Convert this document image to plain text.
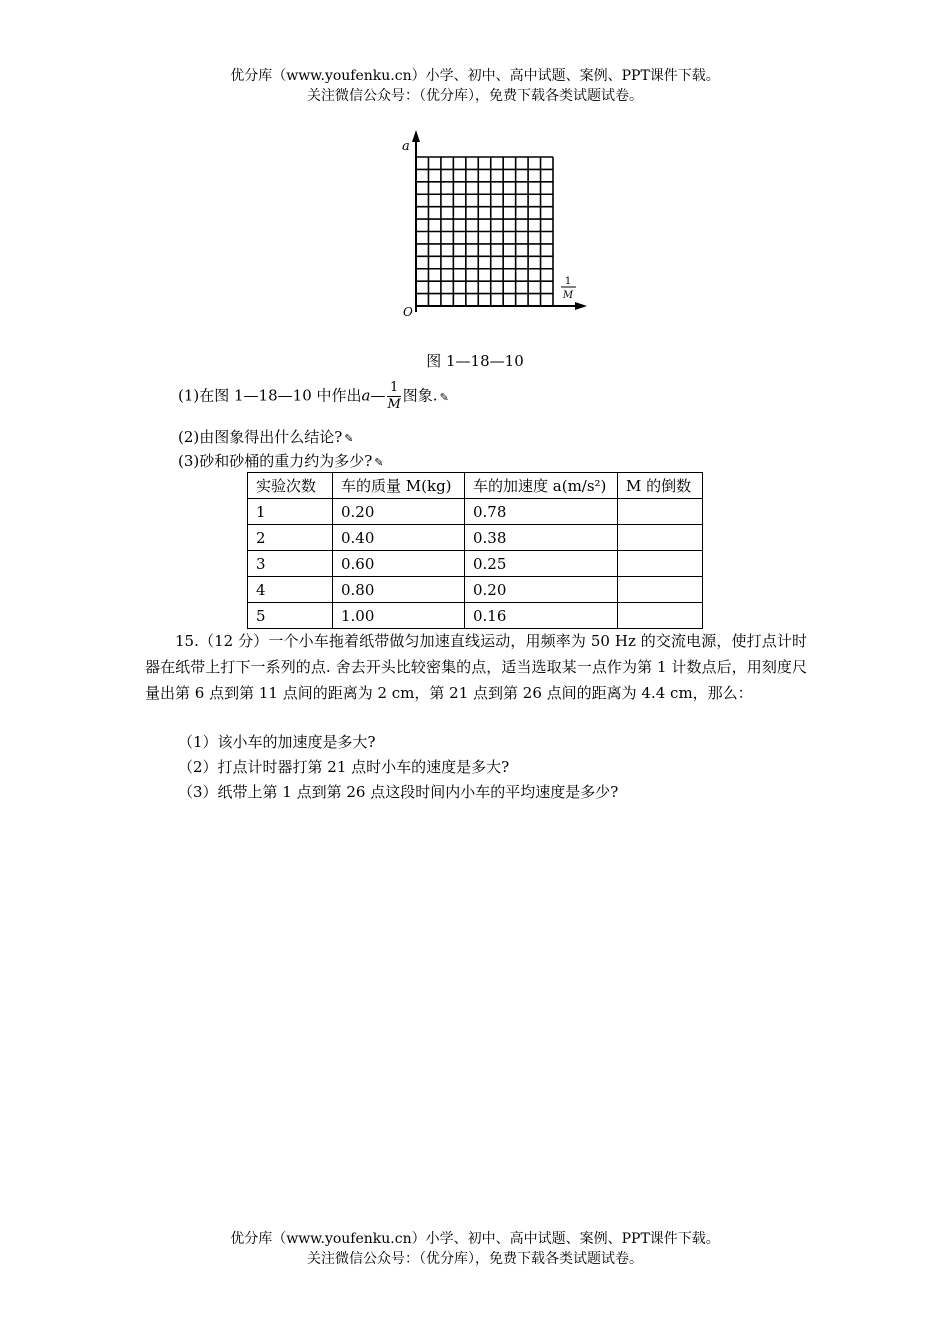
优分库（www.youfenku.cn）小学、初中、高中试题、案例、PPT课件下载。
关注微信公众号：（优分库），免费下载各类试题试卷。
a
O
1
M
图 1—18—10
(1)在图 1—18—10 中作出a— $\frac{1}{M}$ 图象. ✎
(2)由图象得出什么结论? ✎
(3)砂和砂桶的重力约为多少? ✎
实验次数	车的质量 M(kg)	车的加速度 a(m/s²)	M 的倒数
1	0.20	0.78	
2	0.40	0.38	
3	0.60	0.25	
4	0.80	0.20	
5	1.00	0.16	
15.（12 分）一个小车拖着纸带做匀加速直线运动，用频率为 50 Hz 的交流电源，使打点计时器在纸带上打下一系列的点. 舍去开头比较密集的点，适当选取某一点作为第 1 计数点后，用刻度尺量出第 6 点到第 11 点间的距离为 2 cm，第 21 点到第 26 点间的距离为 4.4 cm，那么：
（1）该小车的加速度是多大?
（2）打点计时器打第 21 点时小车的速度是多大?
（3）纸带上第 1 点到第 26 点这段时间内小车的平均速度是多少?
优分库（www.youfenku.cn）小学、初中、高中试题、案例、PPT课件下载。
关注微信公众号：（优分库），免费下载各类试题试卷。
